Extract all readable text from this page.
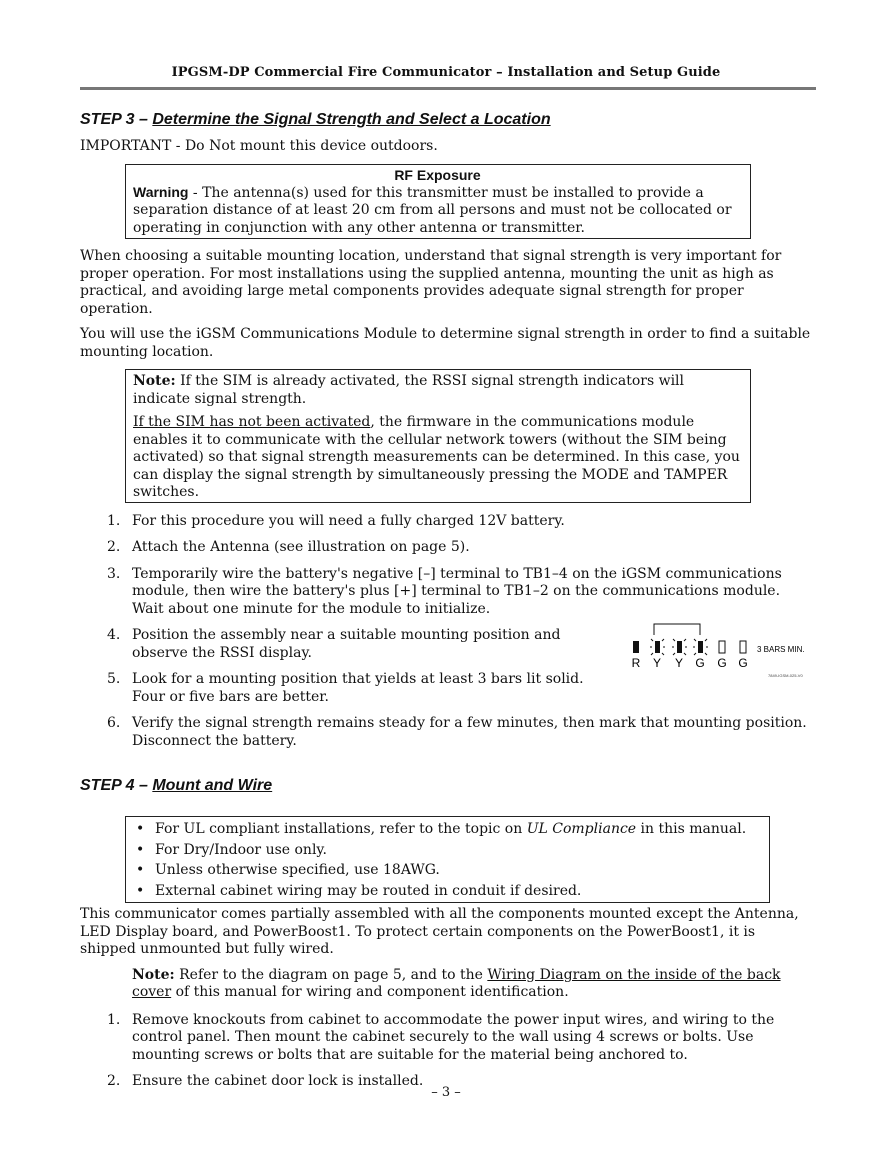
IPGSM-DP Commercial Fire Communicator – Installation and Setup Guide
STEP 3 – Determine the Signal Strength and Select a Location

IMPORTANT - Do Not mount this device outdoors.

RF Exposure

Warning - The antenna(s) used for this transmitter must be installed to provide a separation distance of at least 20 cm from all persons and must not be collocated or operating in conjunction with any other antenna or transmitter.

When choosing a suitable mounting location, understand that signal strength is very important for proper operation. For most installations using the supplied antenna, mounting the unit as high as practical, and avoiding large metal components provides adequate signal strength for proper operation.

You will use the iGSM Communications Module to determine signal strength in order to find a suitable mounting location.

Note: If the SIM is already activated, the RSSI signal strength indicators will indicate signal strength.

If the SIM has not been activated, the firmware in the communications module enables it to communicate with the cellular network towers (without the SIM being activated) so that signal strength measurements can be determined. In this case, you can display the signal strength by simultaneously pressing the MODE and TAMPER switches.

1. For this procedure you will need a fully charged 12V battery.
2. Attach the Antenna (see illustration on page 5).
3. Temporarily wire the battery's negative [–] terminal to TB1–4 on the iGSM communications module, then wire the battery's plus [+] terminal to TB1–2 on the communications module. Wait about one minute for the module to initialize.
4. Position the assembly near a suitable mounting position and observe the RSSI display.
5. Look for a mounting position that yields at least 3 bars lit solid. Four or five bars are better.
6. Verify the signal strength remains steady for a few minutes, then mark that mounting position. Disconnect the battery.
STEP 4 – Mount and Wire
• For UL compliant installations, refer to the topic on UL Compliance in this manual.
• For Dry/Indoor use only.
• Unless otherwise specified, use 18AWG.
• External cabinet wiring may be routed in conduit if desired.

This communicator comes partially assembled with all the components mounted except the Antenna, LED Display board, and PowerBoost1. To protect certain components on the PowerBoost1, it is shipped unmounted but fully wired.

Note: Refer to the diagram on page 5, and to the Wiring Diagram on the inside of the back cover of this manual for wiring and component identification.

1. Remove knockouts from cabinet to accommodate the power input wires, and wiring to the control panel. Then mount the cabinet securely to the wall using 4 screws or bolts. Use mounting screws or bolts that are suitable for the material being anchored to.
2. Ensure the cabinet door lock is installed.
R Y Y G G G
3 BARS MIN.
7849-IGSM-025-V0
– 3 –
